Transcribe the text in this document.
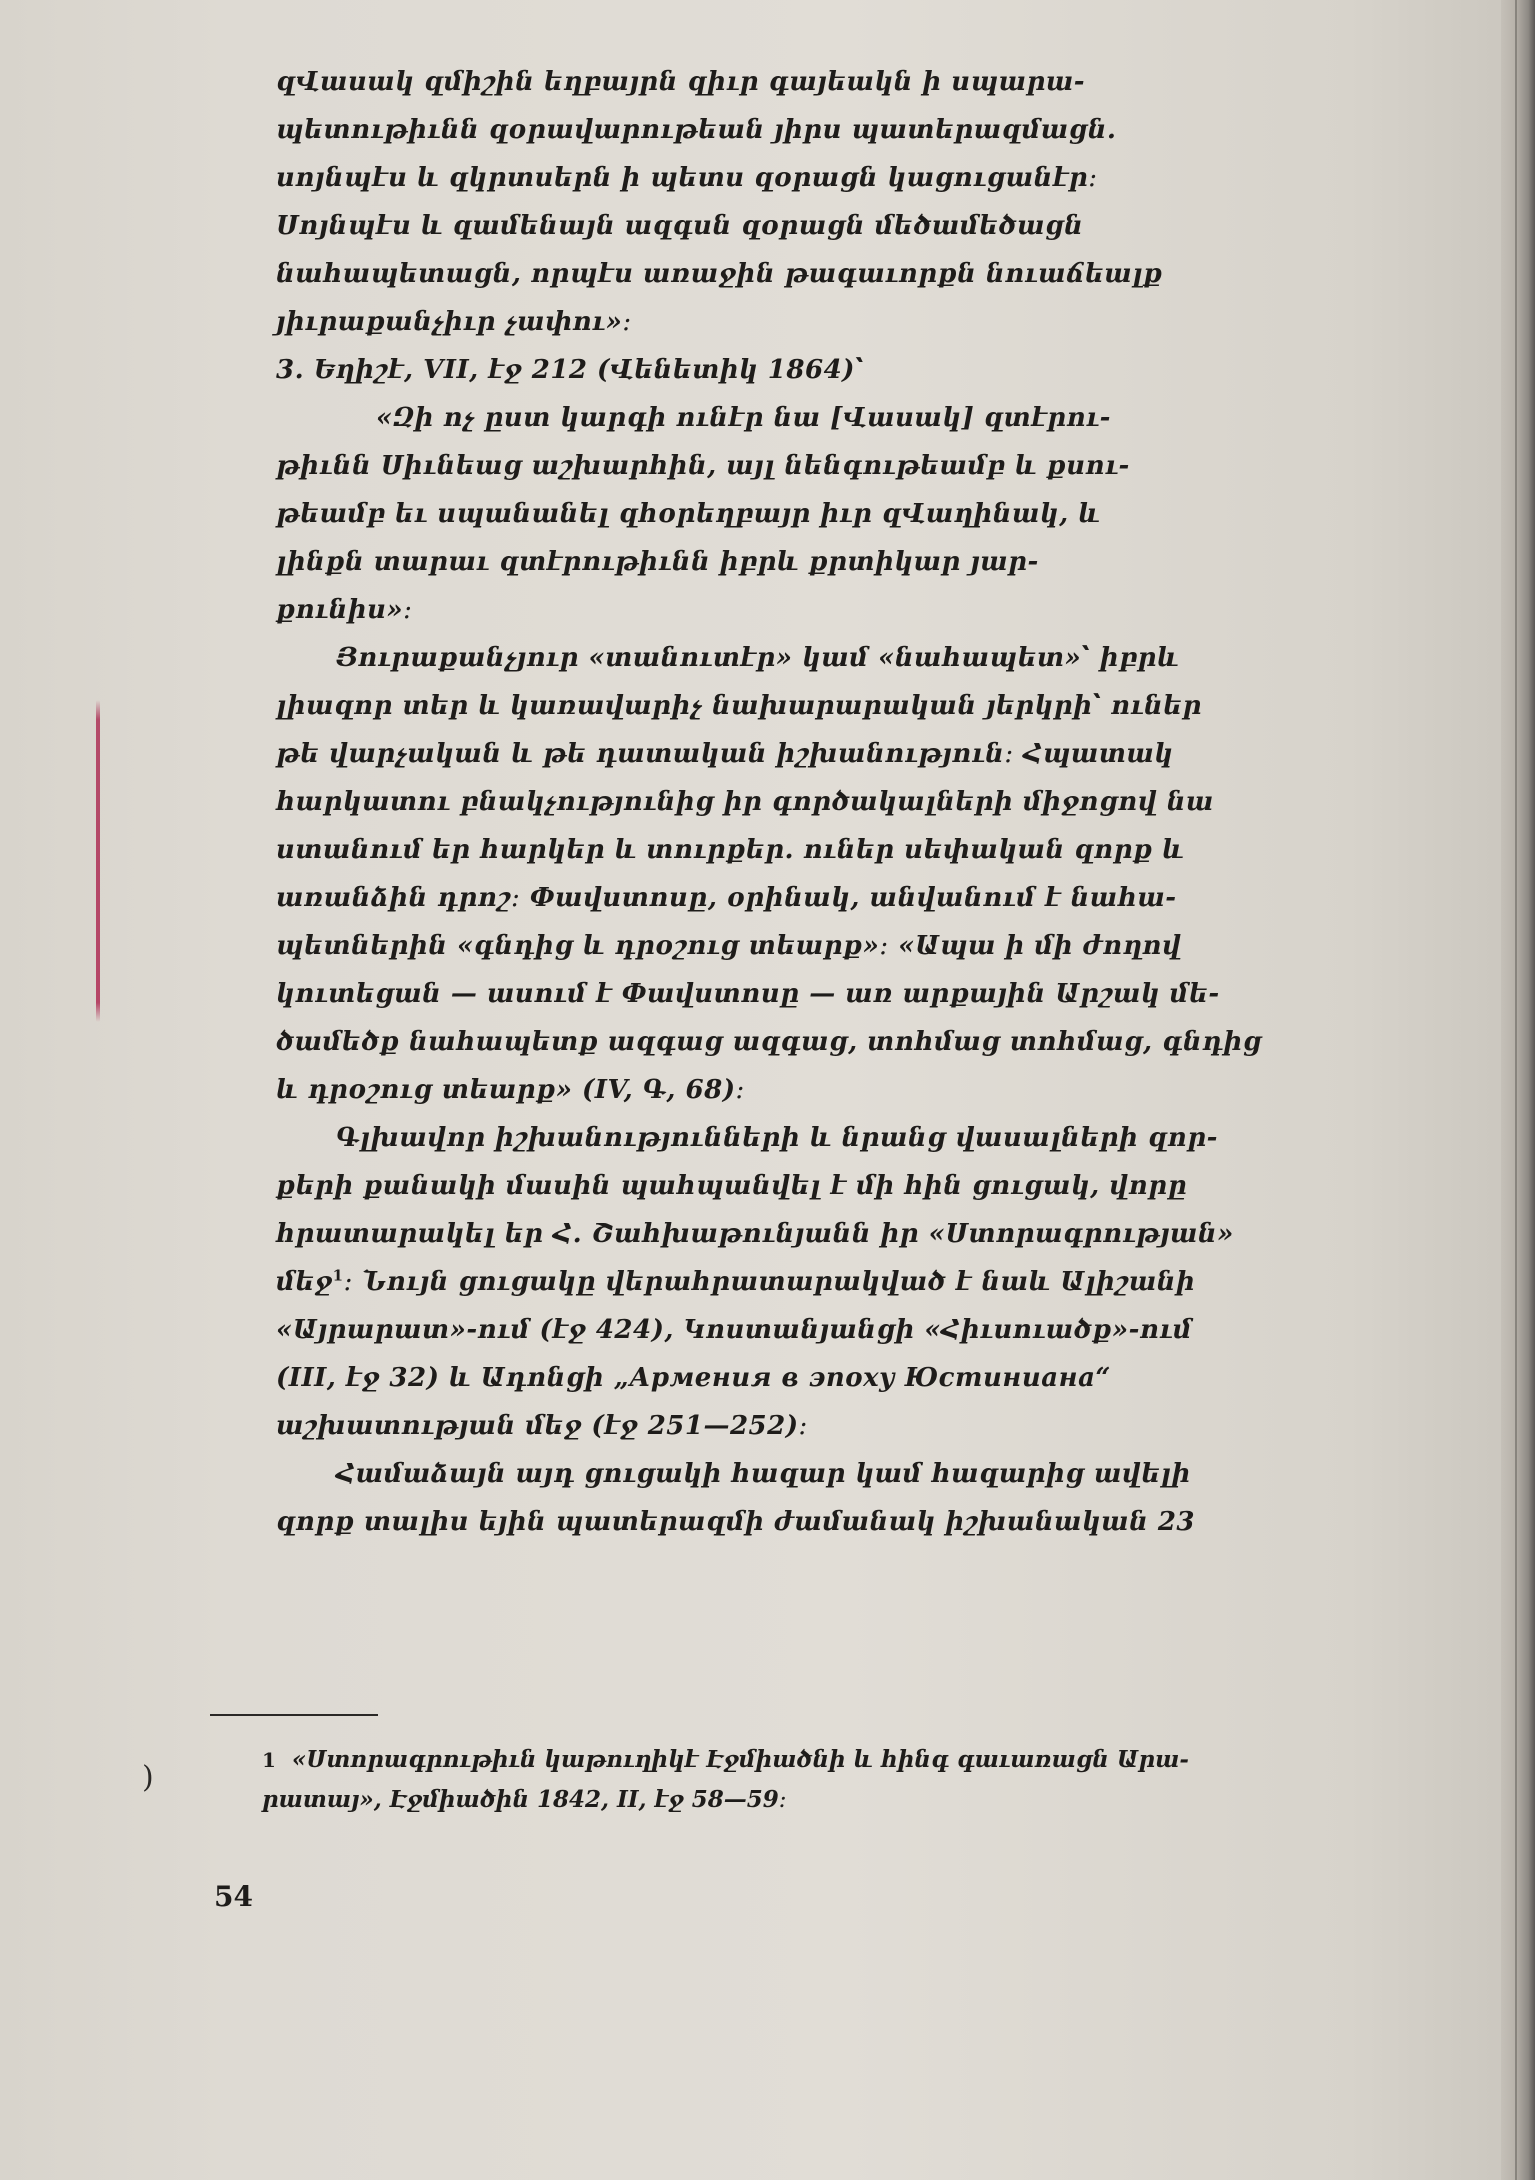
զՎասակ զմիշին եղբայրն զիւր գայեակն ի սպարա-

պետութիւնն զօրավարութեան յիրս պատերազմացն.

սոյնպէս և զկրտսերն ի պետս զօրացն կացուցանէր։

Սոյնպէս և զամենայն ազգսն զօրացն մեծամեծացն

նահապետացն, որպէս առաջին թագաւորքն նուաճեալք

յիւրաքանչիւր չափու»։

3. Եղիշէ, VII, էջ 212 (Վենետիկ 1864)՝

«Զի ոչ ըստ կարգի ունէր նա [Վասակ] զտէրու-

թիւնն Սիւնեաց աշխարհին, այլ նենգութեամբ և քսու-

թեամբ եւ սպանանել զհօրեղբայր իւր զՎաղինակ, և

լինքն տարաւ զտէրութիւնն իբրև քրտիկար յար-

քունիս»։

Յուրաքանչյուր «տանուտէր» կամ «նահապետ»՝ իբրև

լիազոր տեր և կառավարիչ նախարարական յերկրի՝ ուներ

թե վարչական և թե դատական իշխանություն։ Հպատակ

հարկատու բնակչությունից իր գործակալների միջոցով նա

ստանում եր հարկեր և տուրքեր. ուներ սեփական զորք և

առանձին դրոշ։ Փավստոսը, օրինակ, անվանում է նահա-

պետներին «գնդից և դրօշուց տեարք»։ «Ապա ի մի ժողով

կուտեցան — ասում է Փավստոսը — առ արքային Արշակ մե-

ծամեծք նահապետք ազգաց ազգաց, տոհմաց տոհմաց, գնդից

և դրօշուց տեարք» (IV, Գ, 68)։

Գլխավոր իշխանությունների և նրանց վասալների զոր-

քերի քանակի մասին պահպանվել է մի հին ցուցակ, վորը

հրատարակել եր Հ. Շահխաթունյանն իր «Ստորագրության»

մեջ$^1$։ Նույն ցուցակը վերահրատարակված է նաև Ալիշանի

«Այրարատ»-ում (էջ 424), Կոստանյանցի «Հիւսուածք»-ում

(III, էջ 32) և Ադոնցի „Армения в эпоху Юстиниана“

աշխատության մեջ (էջ 251—252)։

Համաձայն այդ ցուցակի հազար կամ հազարից ավելի

զորք տալիս եյին պատերազմի ժամանակ իշխանական 23

)	1 «Ստորագրութիւն կաթուղիկէ Էջմիածնի և հինգ գաւառացն Արա-
րատայ», Էջմիածին 1842, II, էջ 58—59։
54
